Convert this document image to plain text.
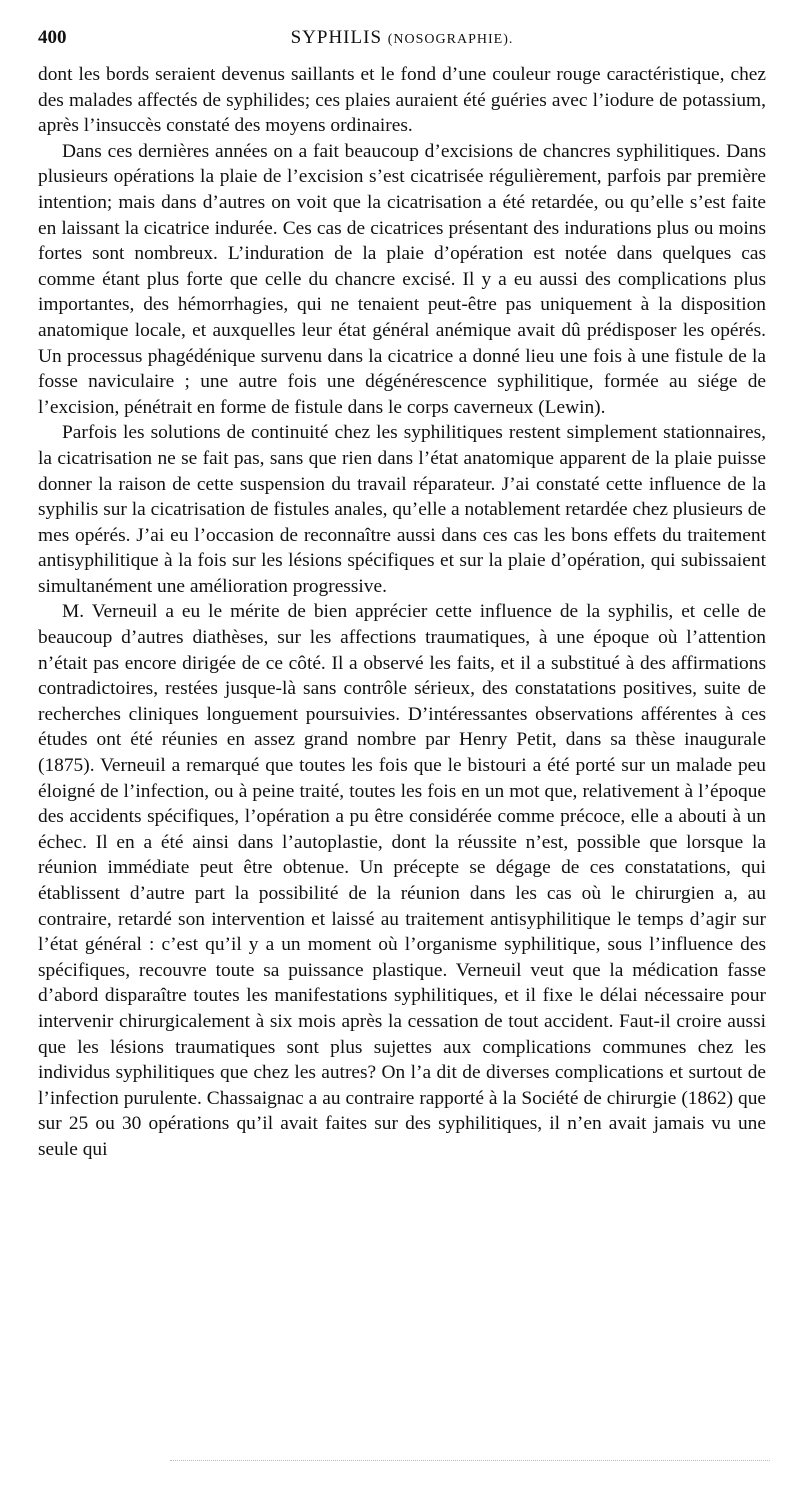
400	SYPHILIS (NOSOGRAPHIE).

dont les bords seraient devenus saillants et le fond d’une couleur rouge caractéristique, chez des malades affectés de syphilides; ces plaies auraient été guéries avec l’iodure de potassium, après l’insuccès constaté des moyens ordinaires.

Dans ces dernières années on a fait beaucoup d’excisions de chancres syphilitiques. Dans plusieurs opérations la plaie de l’excision s’est cicatrisée régulièrement, parfois par première intention; mais dans d’autres on voit que la cicatrisation a été retardée, ou qu’elle s’est faite en laissant la cicatrice indurée. Ces cas de cicatrices présentant des indurations plus ou moins fortes sont nombreux. L’induration de la plaie d’opération est notée dans quelques cas comme étant plus forte que celle du chancre excisé. Il y a eu aussi des complications plus importantes, des hémorrhagies, qui ne tenaient peut-être pas uniquement à la disposition anatomique locale, et auxquelles leur état général anémique avait dû prédisposer les opérés. Un processus phagédénique survenu dans la cicatrice a donné lieu une fois à une fistule de la fosse naviculaire ; une autre fois une dégénérescence syphilitique, formée au siége de l’excision, pénétrait en forme de fistule dans le corps caverneux (Lewin).

Parfois les solutions de continuité chez les syphilitiques restent simplement stationnaires, la cicatrisation ne se fait pas, sans que rien dans l’état anatomique apparent de la plaie puisse donner la raison de cette suspension du travail réparateur. J’ai constaté cette influence de la syphilis sur la cicatrisation de fistules anales, qu’elle a notablement retardée chez plusieurs de mes opérés. J’ai eu l’occasion de reconnaître aussi dans ces cas les bons effets du traitement antisyphilitique à la fois sur les lésions spécifiques et sur la plaie d’opération, qui subissaient simultanément une amélioration progressive.

M. Verneuil a eu le mérite de bien apprécier cette influence de la syphilis, et celle de beaucoup d’autres diathèses, sur les affections traumatiques, à une époque où l’attention n’était pas encore dirigée de ce côté. Il a observé les faits, et il a substitué à des affirmations contradictoires, restées jusque-là sans contrôle sérieux, des constatations positives, suite de recherches cliniques longuement poursuivies. D’intéressantes observations afférentes à ces études ont été réunies en assez grand nombre par Henry Petit, dans sa thèse inaugurale (1875). Verneuil a remarqué que toutes les fois que le bistouri a été porté sur un malade peu éloigné de l’infection, ou à peine traité, toutes les fois en un mot que, relativement à l’époque des accidents spécifiques, l’opération a pu être considérée comme précoce, elle a abouti à un échec. Il en a été ainsi dans l’autoplastie, dont la réussite n’est, possible que lorsque la réunion immédiate peut être obtenue. Un précepte se dégage de ces constatations, qui établissent d’autre part la possibilité de la réunion dans les cas où le chirurgien a, au contraire, retardé son intervention et laissé au traitement antisyphilitique le temps d’agir sur l’état général : c’est qu’il y a un moment où l’organisme syphilitique, sous l’influence des spécifiques, recouvre toute sa puissance plastique. Verneuil veut que la médication fasse d’abord disparaître toutes les manifestations syphilitiques, et il fixe le délai nécessaire pour intervenir chirurgicalement à six mois après la cessation de tout accident. Faut-il croire aussi que les lésions traumatiques sont plus sujettes aux complications communes chez les individus syphilitiques que chez les autres? On l’a dit de diverses complications et surtout de l’infection purulente. Chassaignac a au contraire rapporté à la Société de chirurgie (1862) que sur 25 ou 30 opérations qu’il avait faites sur des syphilitiques, il n’en avait jamais vu une seule qui
